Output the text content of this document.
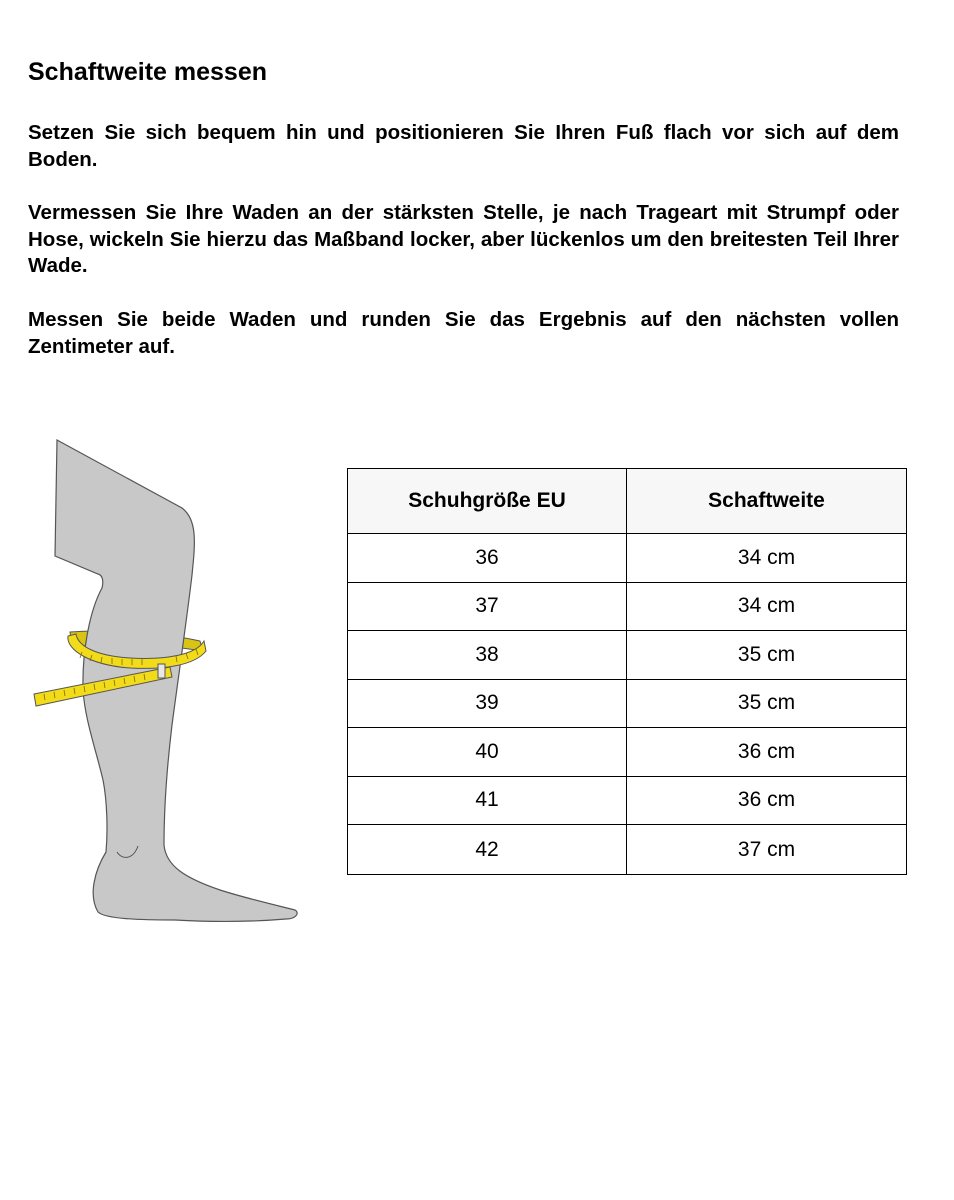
Schaftweite messen

Setzen Sie sich bequem hin und positionieren Sie Ihren Fuß flach vor sich auf dem Boden.

Vermessen Sie Ihre Waden an der stärksten Stelle, je nach Trageart mit Strumpf oder Hose, wickeln Sie hierzu das Maßband locker, aber lückenlos um den breitesten Teil Ihrer Wade.

Messen Sie beide Waden und runden Sie das Ergebnis auf den nächsten vollen Zentimeter auf.

Schuhgröße EU	Schaftweite
36	34 cm
37	34 cm
38	35 cm
39	35 cm
40	36 cm
41	36 cm
42	37 cm
